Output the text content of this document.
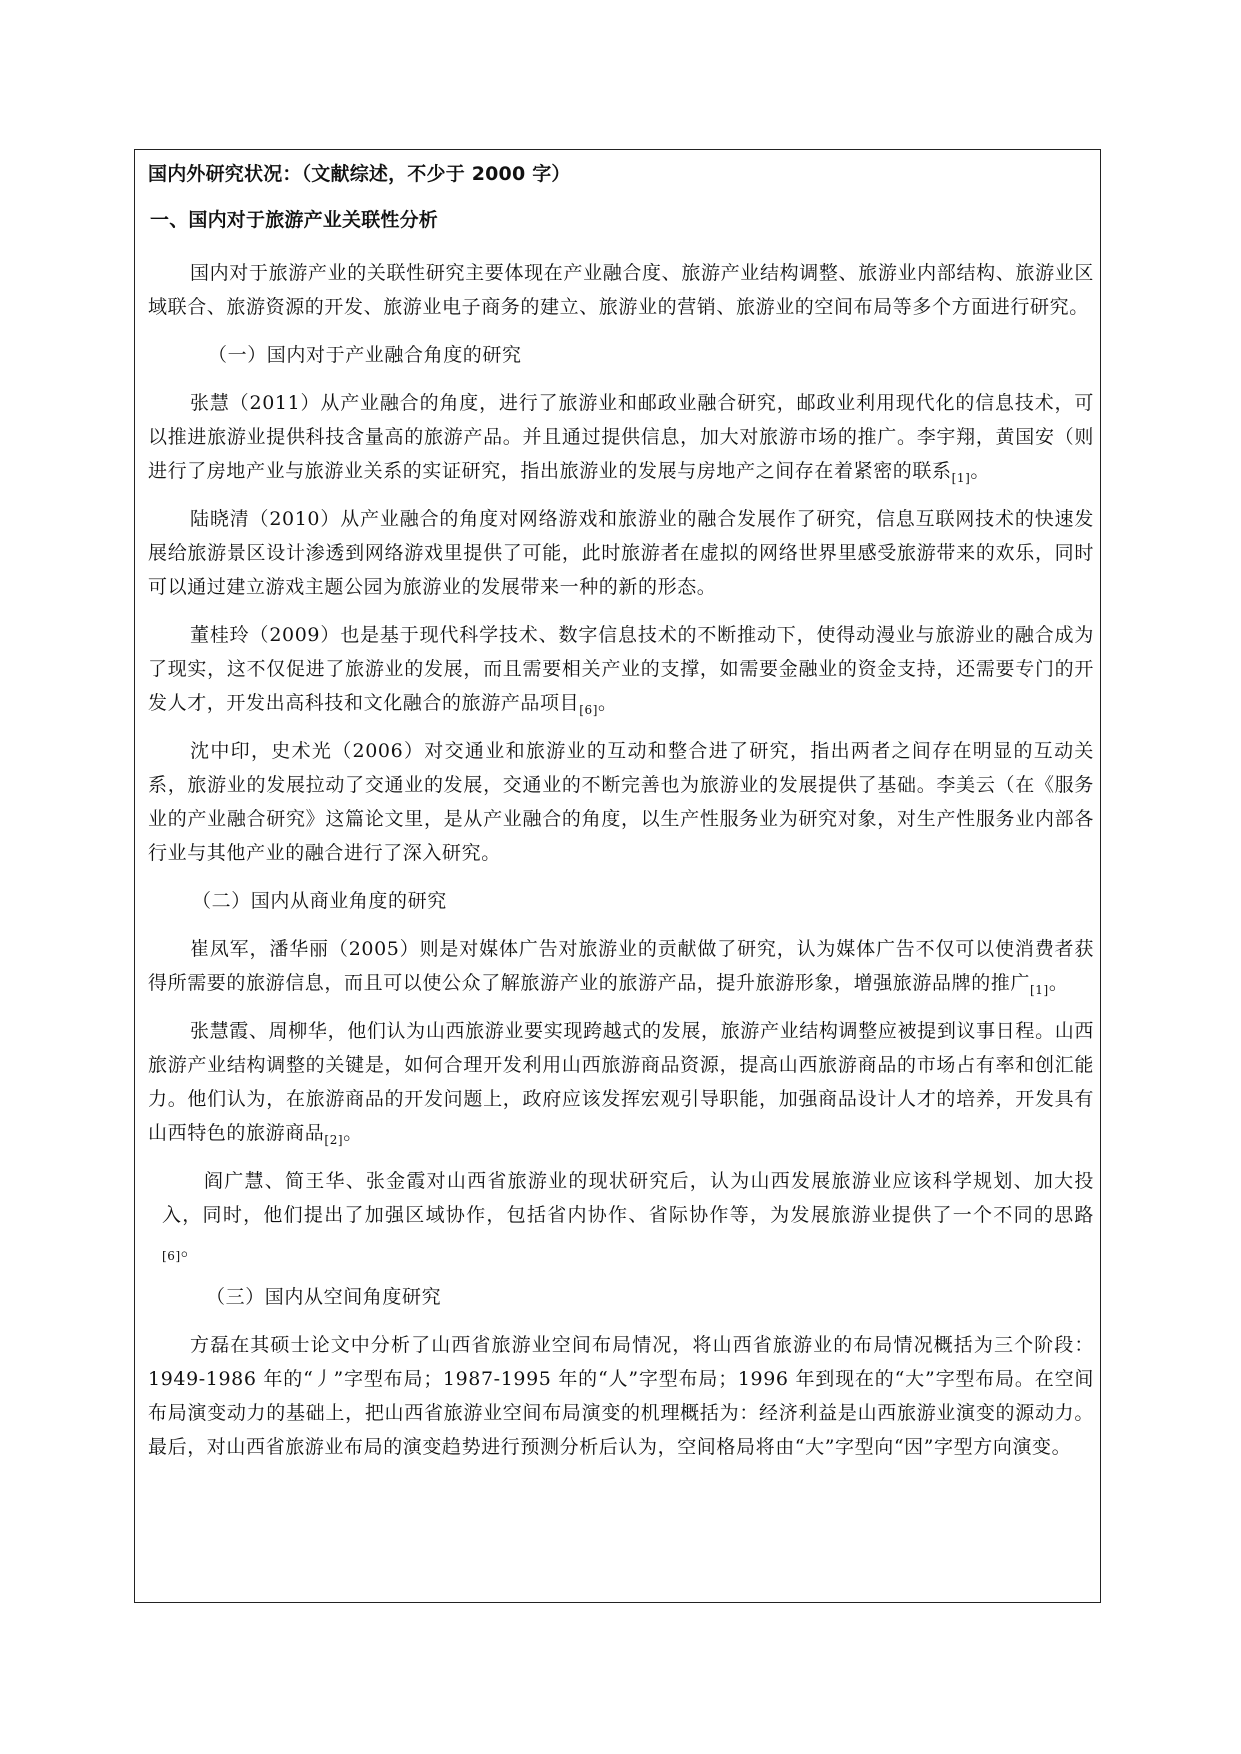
国内外研究状况：（文献综述，不少于 2000 字）
一、国内对于旅游产业关联性分析

国内对于旅游产业的关联性研究主要体现在产业融合度、旅游产业结构调整、旅游业内部结构、旅游业区域联合、旅游资源的开发、旅游业电子商务的建立、旅游业的营销、旅游业的空间布局等多个方面进行研究。

（一）国内对于产业融合角度的研究

张慧（2011）从产业融合的角度，进行了旅游业和邮政业融合研究，邮政业利用现代化的信息技术，可以推进旅游业提供科技含量高的旅游产品。并且通过提供信息，加大对旅游市场的推广。李宇翔，黄国安（则进行了房地产业与旅游业关系的实证研究，指出旅游业的发展与房地产之间存在着紧密的联系$_{[1]}$。

陆晓清（2010）从产业融合的角度对网络游戏和旅游业的融合发展作了研究，信息互联网技术的快速发展给旅游景区设计渗透到网络游戏里提供了可能，此时旅游者在虚拟的网络世界里感受旅游带来的欢乐，同时可以通过建立游戏主题公园为旅游业的发展带来一种的新的形态。

董桂玲（2009）也是基于现代科学技术、数字信息技术的不断推动下，使得动漫业与旅游业的融合成为了现实，这不仅促进了旅游业的发展，而且需要相关产业的支撑，如需要金融业的资金支持，还需要专门的开发人才，开发出高科技和文化融合的旅游产品项目$_{[6]}$。

沈中印，史术光（2006）对交通业和旅游业的互动和整合进了研究，指出两者之间存在明显的互动关系，旅游业的发展拉动了交通业的发展，交通业的不断完善也为旅游业的发展提供了基础。李美云（在《服务业的产业融合研究》这篇论文里，是从产业融合的角度，以生产性服务业为研究对象，对生产性服务业内部各行业与其他产业的融合进行了深入研究。

（二）国内从商业角度的研究

崔凤军，潘华丽（2005）则是对媒体广告对旅游业的贡献做了研究，认为媒体广告不仅可以使消费者获得所需要的旅游信息，而且可以使公众了解旅游产业的旅游产品，提升旅游形象，增强旅游品牌的推广$_{[1]}$。

张慧霞、周柳华，他们认为山西旅游业要实现跨越式的发展，旅游产业结构调整应被提到议事日程。山西旅游产业结构调整的关键是，如何合理开发利用山西旅游商品资源，提高山西旅游商品的市场占有率和创汇能力。他们认为，在旅游商品的开发问题上，政府应该发挥宏观引导职能，加强商品设计人才的培养，开发具有山西特色的旅游商品$_{[2]}$。

阎广慧、简王华、张金霞对山西省旅游业的现状研究后，认为山西发展旅游业应该科学规划、加大投入，同时，他们提出了加强区域协作，包括省内协作、省际协作等，为发展旅游业提供了一个不同的思路$_{[6]}$。

（三）国内从空间角度研究

方磊在其硕士论文中分析了山西省旅游业空间布局情况，将山西省旅游业的布局情况概括为三个阶段：1949-1986 年的“丿”字型布局；1987-1995 年的“人”字型布局；1996 年到现在的“大”字型布局。在空间布局演变动力的基础上，把山西省旅游业空间布局演变的机理概括为：经济利益是山西旅游业演变的源动力。最后，对山西省旅游业布局的演变趋势进行预测分析后认为，空间格局将由“大”字型向“因”字型方向演变。
